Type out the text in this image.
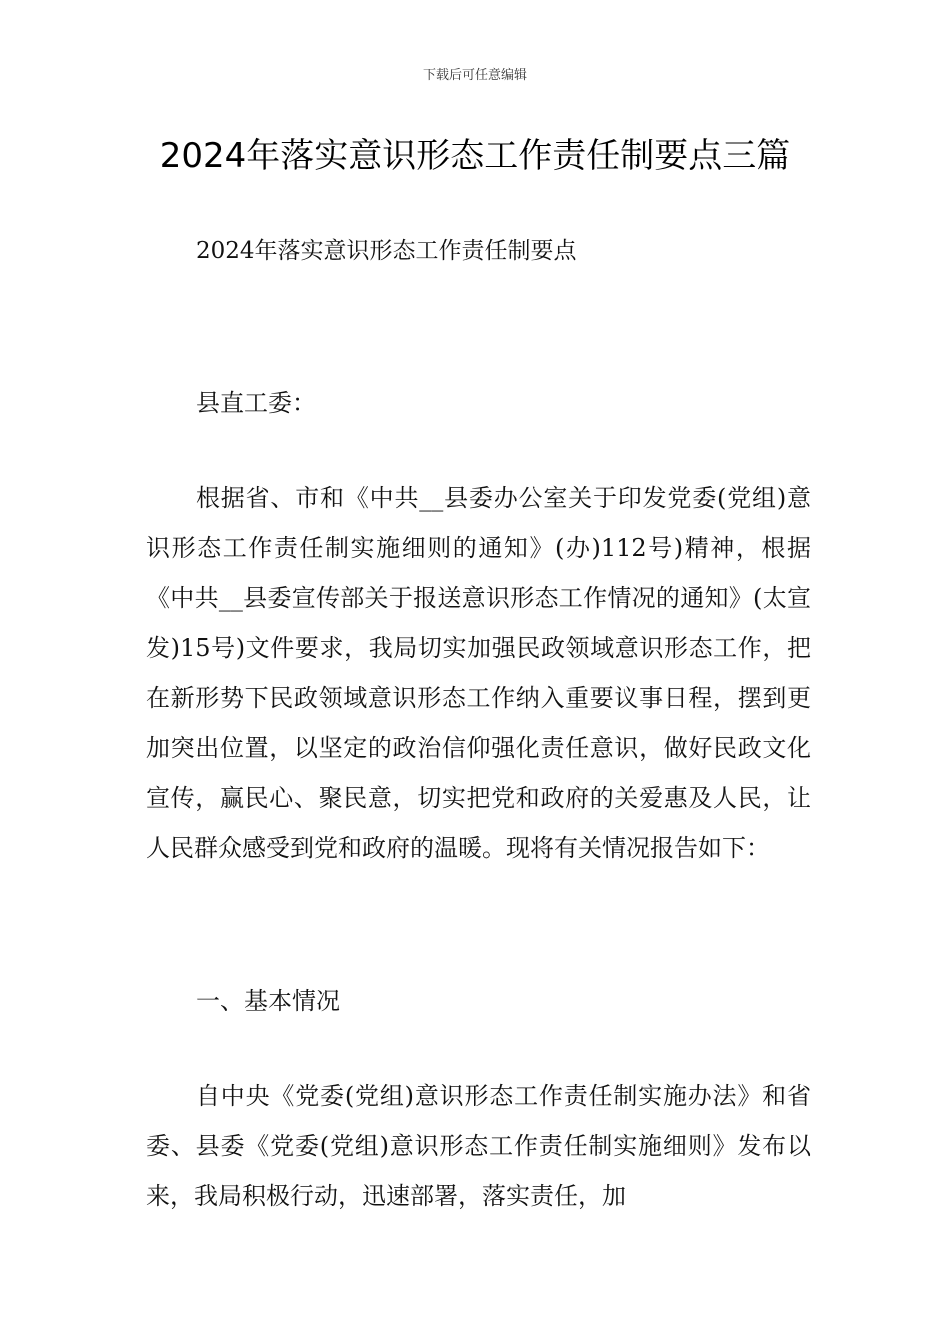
下载后可任意编辑
2024年落实意识形态工作责任制要点三篇
2024年落实意识形态工作责任制要点
县直工委：

根据省、市和《中共__县委办公室关于印发党委(党组)意识形态工作责任制实施细则的通知》(办)112号)精神，根据《中共__县委宣传部关于报送意识形态工作情况的通知》(太宣发)15号)文件要求，我局切实加强民政领域意识形态工作，把在新形势下民政领域意识形态工作纳入重要议事日程，摆到更加突出位置，以坚定的政治信仰强化责任意识，做好民政文化宣传，赢民心、聚民意，切实把党和政府的关爱惠及人民，让人民群众感受到党和政府的温暖。现将有关情况报告如下：

一、基本情况

自中央《党委(党组)意识形态工作责任制实施办法》和省委、县委《党委(党组)意识形态工作责任制实施细则》发布以来，我局积极行动，迅速部署，落实责任，加
